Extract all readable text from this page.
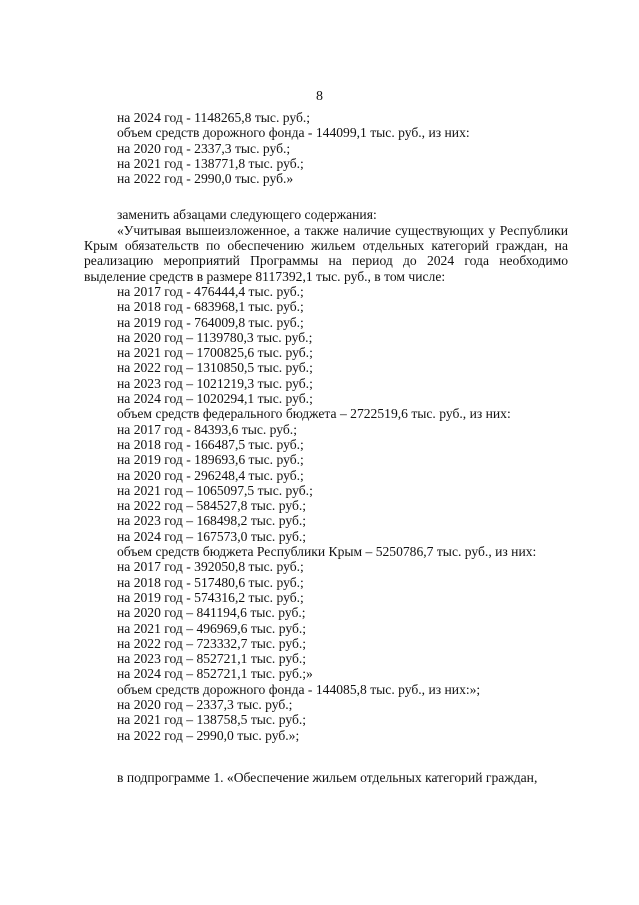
8
на 2024 год - 1148265,8 тыс. руб.;
объем средств дорожного фонда - 144099,1 тыс. руб., из них:
на 2020 год - 2337,3 тыс. руб.;
на 2021 год - 138771,8 тыс. руб.;
на 2022 год - 2990,0 тыс. руб.»
заменить абзацами следующего содержания:

«Учитывая вышеизложенное, а также наличие существующих у Республики Крым обязательств по обеспечению жильем отдельных категорий граждан, на реализацию мероприятий Программы на период до 2024 года необходимо выделение средств в размере 8117392,1 тыс. руб., в том числе:

на 2017 год - 476444,4 тыс. руб.;
на 2018 год - 683968,1 тыс. руб.;
на 2019 год - 764009,8 тыс. руб.;
на 2020 год – 1139780,3 тыс. руб.;
на 2021 год – 1700825,6 тыс. руб.;
на 2022 год – 1310850,5 тыс. руб.;
на 2023 год – 1021219,3 тыс. руб.;
на 2024 год – 1020294,1 тыс. руб.;
объем средств федерального бюджета – 2722519,6 тыс. руб., из них:
на 2017 год - 84393,6 тыс. руб.;
на 2018 год - 166487,5 тыс. руб.;
на 2019 год - 189693,6 тыс. руб.;
на 2020 год - 296248,4 тыс. руб.;
на 2021 год – 1065097,5 тыс. руб.;
на 2022 год – 584527,8 тыс. руб.;
на 2023 год – 168498,2 тыс. руб.;
на 2024 год – 167573,0 тыс. руб.;
объем средств бюджета Республики Крым – 5250786,7 тыс. руб., из них:
на 2017 год - 392050,8 тыс. руб.;
на 2018 год - 517480,6 тыс. руб.;
на 2019 год - 574316,2 тыс. руб.;
на 2020 год – 841194,6 тыс. руб.;
на 2021 год – 496969,6 тыс. руб.;
на 2022 год – 723332,7 тыс. руб.;
на 2023 год – 852721,1 тыс. руб.;
на 2024 год – 852721,1 тыс. руб.;»
объем средств дорожного фонда - 144085,8 тыс. руб., из них:»;
на 2020 год – 2337,3 тыс. руб.;
на 2021 год – 138758,5 тыс. руб.;
на 2022 год – 2990,0 тыс. руб.»;
в подпрограмме 1. «Обеспечение жильем отдельных категорий граждан,
